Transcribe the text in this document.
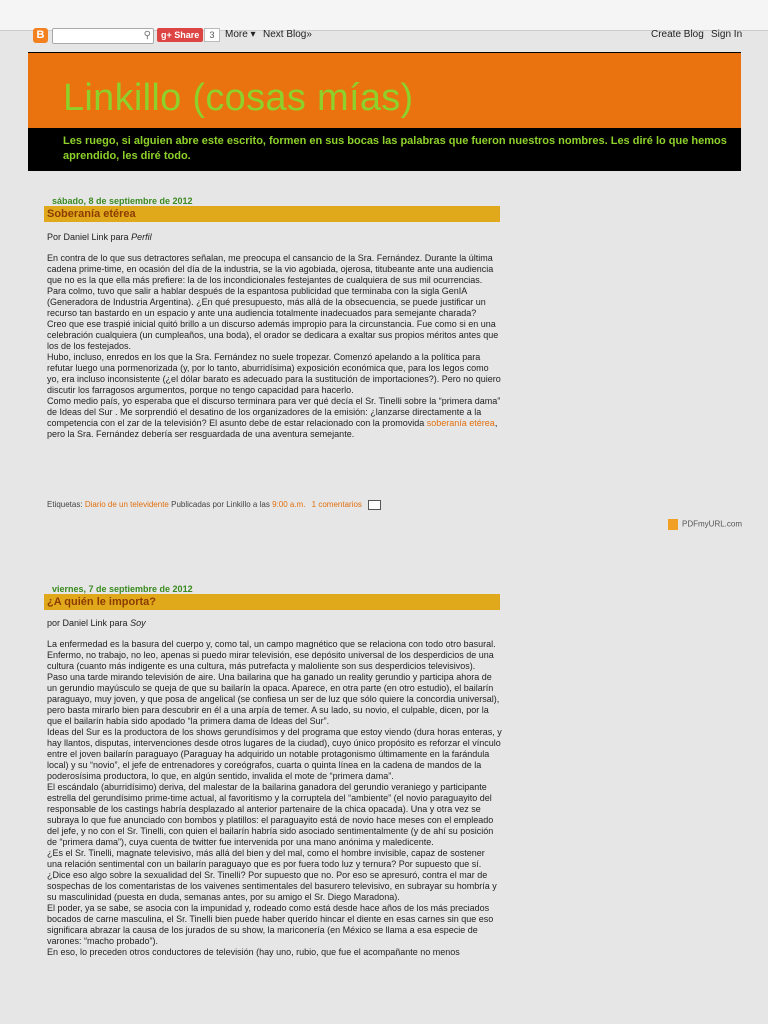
B	⚲	g+ Share	3	More ▾ Next Blog»	Create Blog Sign In
Linkillo (cosas mías)

Les ruego, si alguien abre este escrito, formen en sus bocas las palabras que fueron nuestros nombres. Les diré lo que hemos aprendido, les diré todo.

sábado, 8 de septiembre de 2012
Soberanía etérea

Por Daniel Link para Perfil

En contra de lo que sus detractores señalan, me preocupa el cansancio de la Sra. Fernández. Durante la última cadena prime-time, en ocasión del día de la industria, se la vio agobiada, ojerosa, titubeante ante una audiencia que no es la que ella más prefiere: la de los incondicionales festejantes de cualquiera de sus mil ocurrencias.

Para colmo, tuvo que salir a hablar después de la espantosa publicidad que terminaba con la sigla GenIA (Generadora de Industria Argentina). ¿En qué presupuesto, más allá de la obsecuencia, se puede justificar un recurso tan bastardo en un espacio y ante una audiencia totalmente inadecuados para semejante charada?

Creo que ese traspié inicial quitó brillo a un discurso además impropio para la circunstancia. Fue como si en una celebración cualquiera (un cumpleaños, una boda), el orador se dedicara a exaltar sus propios méritos antes que los de los festejados.

Hubo, incluso, enredos en los que la Sra. Fernández no suele tropezar. Comenzó apelando a la política para refutar luego una pormenorizada (y, por lo tanto, aburridísima) exposición económica que, para los legos como yo, era incluso inconsistente (¿el dólar barato es adecuado para la sustitución de importaciones?). Pero no quiero discutir los farragosos argumentos, porque no tengo capacidad para hacerlo.

Como medio país, yo esperaba que el discurso terminara para ver qué decía el Sr. Tinelli sobre la “primera dama” de Ideas del Sur . Me sorprendió el desatino de los organizadores de la emisión: ¿lanzarse directamente a la competencia con el zar de la televisión? El asunto debe de estar relacionado con la promovida soberanía etérea, pero la Sra. Fernández debería ser resguardada de una aventura semejante.

Etiquetas: Diario de un televidente Publicadas por Linkillo a las 9:00 a.m. 1 comentarios
PDFmyURL.com
viernes, 7 de septiembre de 2012
¿A quién le importa?

por Daniel Link para Soy

La enfermedad es la basura del cuerpo y, como tal, un campo magnético que se relaciona con todo otro basural. Enfermo, no trabajo, no leo, apenas si puedo mirar televisión, ese depósito universal de los desperdicios de una cultura (cuanto más indigente es una cultura, más putrefacta y maloliente son sus desperdicios televisivos).

Paso una tarde mirando televisión de aire. Una bailarina que ha ganado un reality gerundio y participa ahora de un gerundio mayúsculo se queja de que su bailarín la opaca. Aparece, en otra parte (en otro estudio), el bailarín paraguayo, muy joven, y que posa de angelical (se confiesa un ser de luz que sólo quiere la concordia universal), pero basta mirarlo bien para descubrir en él a una arpía de temer. A su lado, su novio, el culpable, dicen, por la que el bailarín había sido apodado “la primera dama de Ideas del Sur”.

Ideas del Sur es la productora de los shows gerundísimos y del programa que estoy viendo (dura horas enteras, y hay llantos, disputas, intervenciones desde otros lugares de la ciudad), cuyo único propósito es reforzar el vínculo entre el joven bailarín paraguayo (Paraguay ha adquirido un notable protagonismo últimamente en la farándula local) y su “novio”, el jefe de entrenadores y coreógrafos, cuarta o quinta línea en la cadena de mandos de la poderosísima productora, lo que, en algún sentido, invalida el mote de “primera dama”.

El escándalo (aburridísimo) deriva, del malestar de la bailarina ganadora del gerundio veraniego y participante estrella del gerundísimo prime-time actual, al favoritismo y la corruptela del “ambiente” (el novio paraguayito del responsable de los castings habría desplazado al anterior partenaire de la chica opacada). Una y otra vez se subraya lo que fue anunciado con bombos y platillos: el paraguayito está de novio hace meses con el empleado del jefe, y no con el Sr. Tinelli, con quien el bailarín habría sido asociado sentimentalmente (y de ahí su posición de “primera dama”), cuya cuenta de twitter fue intervenida por una mano anónima y maledicente.

¿Es el Sr. Tinelli, magnate televisivo, más allá del bien y del mal, como el hombre invisible, capaz de sostener una relación sentimental con un bailarín paraguayo que es por fuera todo luz y ternura? Por supuesto que sí. ¿Dice eso algo sobre la sexualidad del Sr. Tinelli? Por supuesto que no. Por eso se apresuró, contra el mar de sospechas de los comentaristas de los vaivenes sentimentales del basurero televisivo, en subrayar su hombría y su masculinidad (puesta en duda, semanas antes, por su amigo el Sr. Diego Maradona).

El poder, ya se sabe, se asocia con la impunidad y, rodeado como está desde hace años de los más preciados bocados de carne masculina, el Sr. Tinelli bien puede haber querido hincar el diente en esas carnes sin que eso significara abrazar la causa de los jurados de su show, la mariconería (en México se llama a esa especie de varones: “macho probado”).

En eso, lo preceden otros conductores de televisión (hay uno, rubio, que fue el acompañante no menos
